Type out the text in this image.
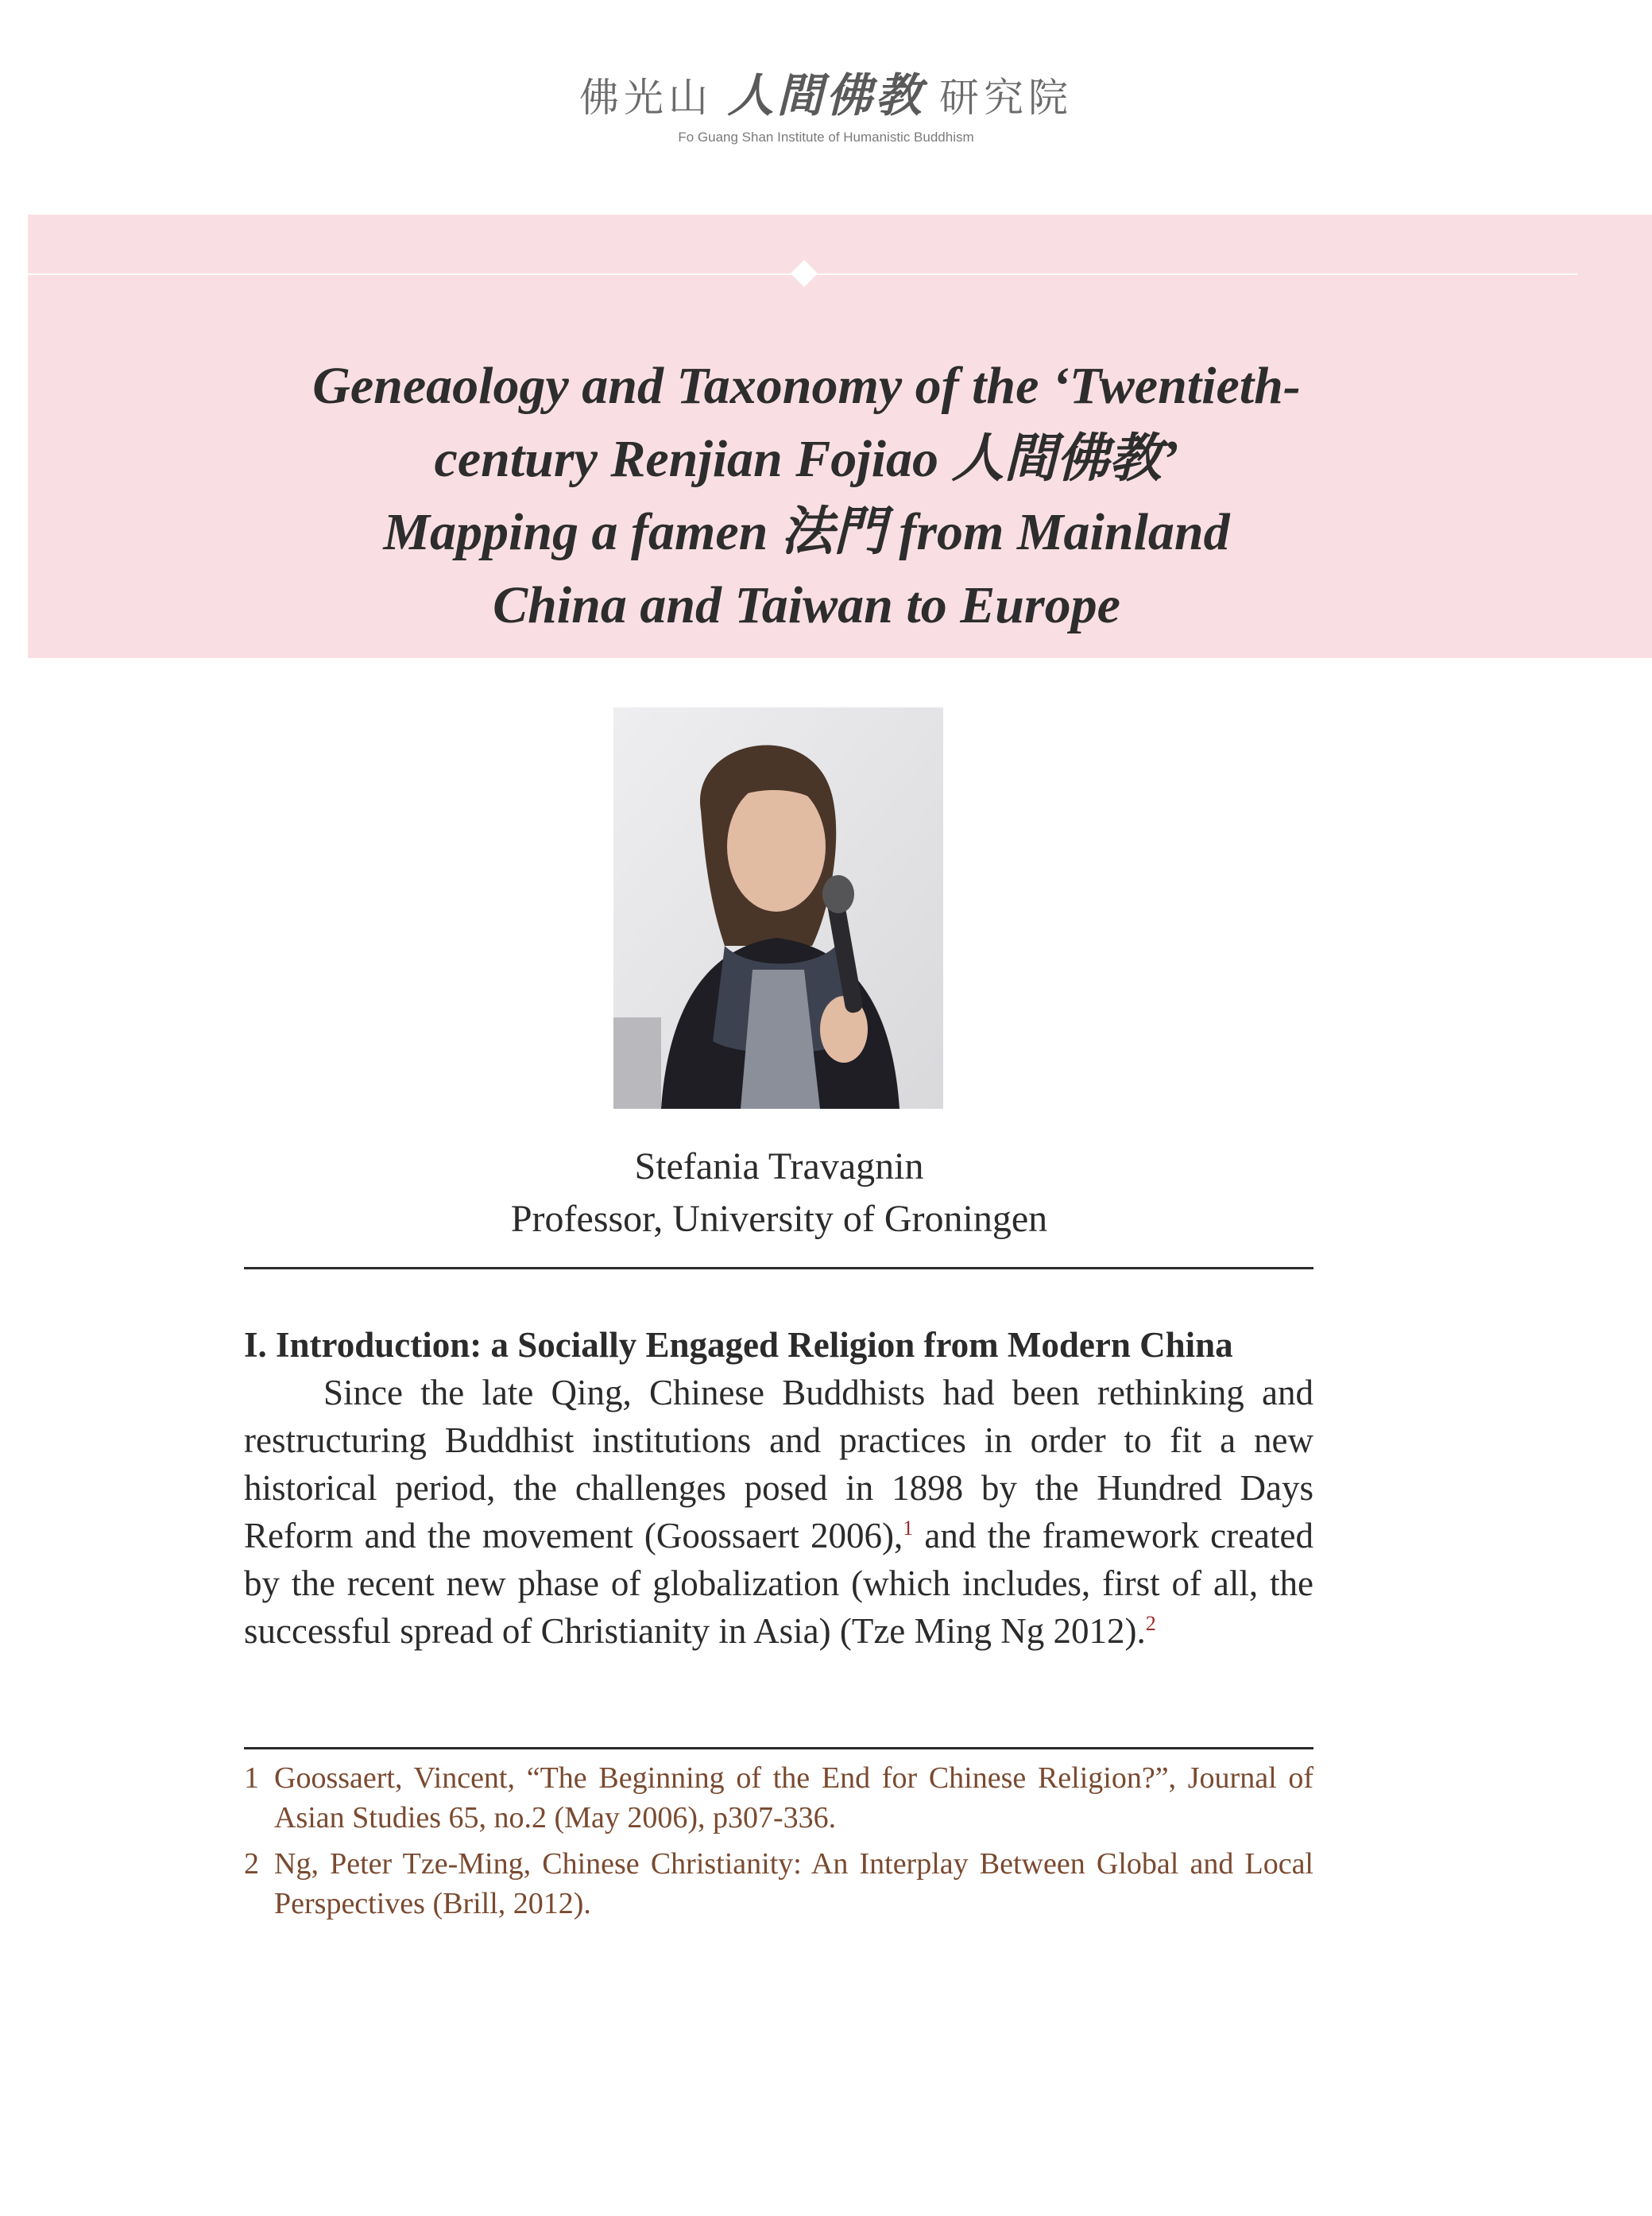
佛光山 人間佛教 研究院
Fo Guang Shan Institute of Humanistic Buddhism
Geneaology and Taxonomy of the ‘Twentieth-
century Renjian Fojiao 人間佛教’
Mapping a famen 法門 from Mainland
China and Taiwan to Europe
Stefania Travagnin
Professor, University of Groningen
I. Introduction: a Socially Engaged Religion from Modern China

Since the late Qing, Chinese Buddhists had been rethinking and restructuring Buddhist institutions and practices in order to fit a new historical period, the challenges posed in 1898 by the Hundred Days Reform and the movement (Goossaert 2006),$^1$ and the framework created by the recent new phase of globalization (which includes, first of all, the successful spread of Christianity in Asia) (Tze Ming Ng 2012).$^2$

1 Goossaert, Vincent, “The Beginning of the End for Chinese Religion?”, Journal of Asian Studies 65, no.2 (May 2006), p307-336.
2 Ng, Peter Tze-Ming, Chinese Christianity: An Interplay Between Global and Local Perspectives (Brill, 2012).
